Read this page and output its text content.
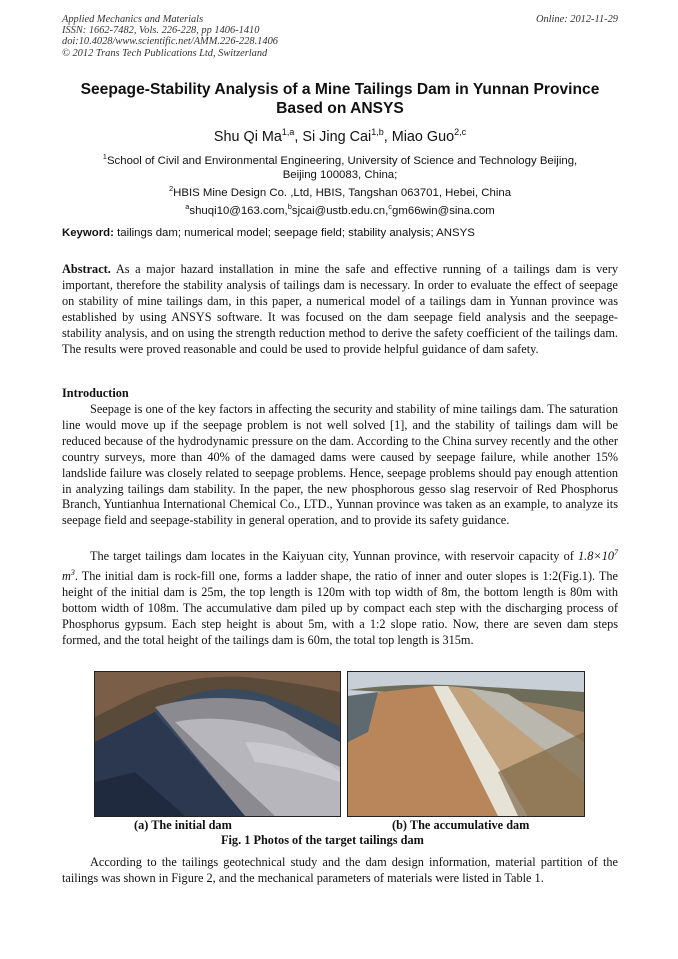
Applied Mechanics and Materials
ISSN: 1662-7482, Vols. 226-228, pp 1406-1410
doi:10.4028/www.scientific.net/AMM.226-228.1406
© 2012 Trans Tech Publications Ltd, Switzerland
Online: 2012-11-29
Seepage-Stability Analysis of a Mine Tailings Dam in Yunnan Province
Based on ANSYS
Shu Qi Ma$^{1,a}$, Si Jing Cai$^{1,b}$, Miao Guo$^{2,c}$
$^1$School of Civil and Environmental Engineering, University of Science and Technology Beijing,
Beijing 100083, China;
$^2$HBIS Mine Design Co. ,Ltd, HBIS, Tangshan 063701, Hebei, China
$^a$shuqi10@163.com,$^b$sjcai@ustb.edu.cn,$^c$gm66win@sina.com
Keyword: tailings dam; numerical model; seepage field; stability analysis; ANSYS
Abstract. As a major hazard installation in mine the safe and effective running of a tailings dam is very important, therefore the stability analysis of tailings dam is necessary. In order to evaluate the effect of seepage on stability of mine tailings dam, in this paper, a numerical model of a tailings dam in Yunnan province was established by using ANSYS software. It was focused on the dam seepage field analysis and the seepage-stability analysis, and on using the strength reduction method to derive the safety coefficient of the tailings dam. The results were proved reasonable and could be used to provide helpful guidance of dam safety.
Introduction
Seepage is one of the key factors in affecting the security and stability of mine tailings dam. The saturation line would move up if the seepage problem is not well solved [1], and the stability of tailings dam will be reduced because of the hydrodynamic pressure on the dam. According to the China survey recently and the other country surveys, more than 40% of the damaged dams were caused by seepage failure, while another 15% landslide failure was closely related to seepage problems. Hence, seepage problems should pay enough attention in analyzing tailings dam stability. In the paper, the new phosphorous gesso slag reservoir of Red Phosphorus Branch, Yuntianhua International Chemical Co., LTD., Yunnan province was taken as an example, to analyze its seepage field and seepage-stability in general operation, and to provide its safety guidance.
The target tailings dam locates in the Kaiyuan city, Yunnan province, with reservoir capacity of $1.8\times 10^7$ $m^3$. The initial dam is rock-fill one, forms a ladder shape, the ratio of inner and outer slopes is 1:2(Fig.1). The height of the initial dam is 25m, the top length is 120m with top width of 8m, the bottom length is 80m with bottom width of 108m. The accumulative dam piled up by compact each step with the discharging process of Phosphorus gypsum. Each step height is about 5m, with a 1:2 slope ratio. Now, there are seven dam steps formed, and the total height of the tailings dam is 60m, the total top length is 315m.
(a) The initial dam	(b) The accumulative dam
Fig. 1 Photos of the target tailings dam
According to the tailings geotechnical study and the dam design information, material partition of the tailings was shown in Figure 2, and the mechanical parameters of materials were listed in Table 1.
